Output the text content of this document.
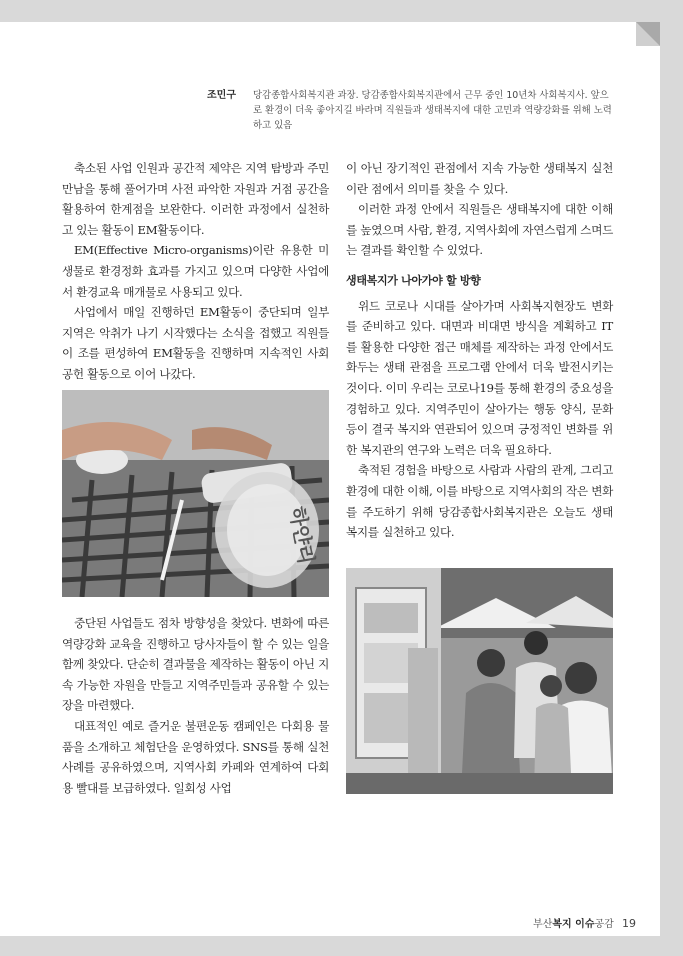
조민구 당감종합사회복지관 과장. 당감종합사회복지관에서 근무 중인 10년차 사회복지사. 앞으로 환경이 더욱 좋아지길 바라며 직원들과 생태복지에 대한 고민과 역량강화를 위해 노력하고 있음

축소된 사업 인원과 공간적 제약은 지역 탐방과 주민 만남을 통해 풀어가며 사전 파악한 자원과 거점 공간을 활용하여 한계점을 보완한다. 이러한 과정에서 실천하고 있는 활동이 EM활동이다.

EM(Effective Micro-organisms)이란 유용한 미생물로 환경정화 효과를 가지고 있으며 다양한 사업에서 환경교육 매개물로 사용되고 있다.

사업에서 매일 진행하던 EM활동이 중단되며 일부 지역은 악취가 나기 시작했다는 소식을 접했고 직원들이 조를 편성하여 EM활동을 진행하며 지속적인 사회공헌 활동으로 이어 나갔다.

하얀리

중단된 사업들도 점차 방향성을 찾았다. 변화에 따른 역량강화 교육을 진행하고 당사자들이 할 수 있는 일을 함께 찾았다. 단순히 결과물을 제작하는 활동이 아닌 지속 가능한 자원을 만들고 지역주민들과 공유할 수 있는 장을 마련했다.

대표적인 예로 즐거운 불편운동 캠페인은 다회용 물품을 소개하고 체험단을 운영하였다. SNS를 통해 실천사례를 공유하였으며, 지역사회 카페와 연계하여 다회용 빨대를 보급하였다. 일회성 사업

이 아닌 장기적인 관점에서 지속 가능한 생태복지 실천이란 점에서 의미를 찾을 수 있다.

이러한 과정 안에서 직원들은 생태복지에 대한 이해를 높였으며 사람, 환경, 지역사회에 자연스럽게 스며드는 결과를 확인할 수 있었다.

생태복지가 나아가야 할 방향

위드 코로나 시대를 살아가며 사회복지현장도 변화를 준비하고 있다. 대면과 비대면 방식을 계획하고 IT를 활용한 다양한 접근 매체를 제작하는 과정 안에서도 화두는 생태 관점을 프로그램 안에서 더욱 발전시키는 것이다. 이미 우리는 코로나19를 통해 환경의 중요성을 경험하고 있다. 지역주민이 살아가는 행동 양식, 문화 등이 결국 복지와 연관되어 있으며 긍정적인 변화를 위한 복지관의 연구와 노력은 더욱 필요하다.

축적된 경험을 바탕으로 사람과 사람의 관계, 그리고 환경에 대한 이해, 이를 바탕으로 지역사회의 작은 변화를 주도하기 위해 당감종합사회복지관은 오늘도 생태복지를 실천하고 있다.

부산복지 이슈공감 19
